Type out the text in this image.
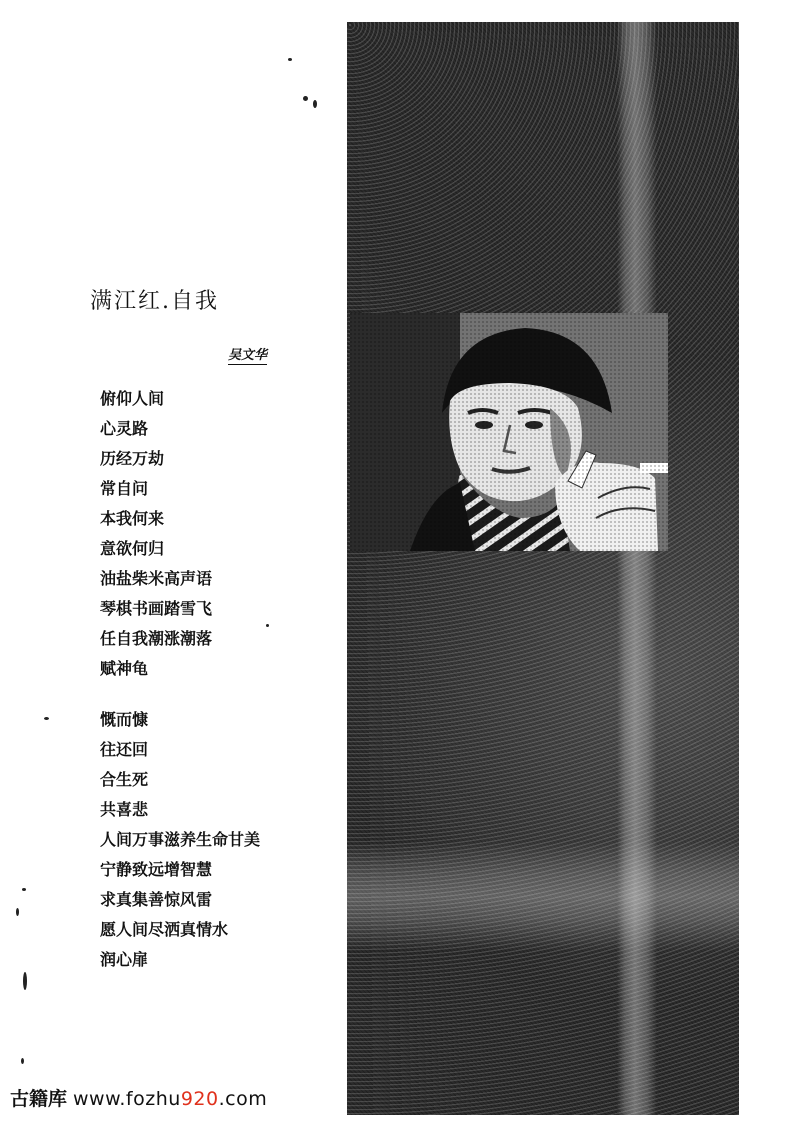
满江红.自我
吴文华
俯仰人间
心灵路
历经万劫
常自问
本我何来
意欲何归
油盐柴米高声语
琴棋书画踏雪飞
任自我潮涨潮落
赋神龟
慨而慷
往还回
合生死
共喜悲
人间万事滋养生命甘美
宁静致远增智慧
求真集善惊风雷
愿人间尽洒真情水
润心扉
古籍库 www.fozhu920.com
